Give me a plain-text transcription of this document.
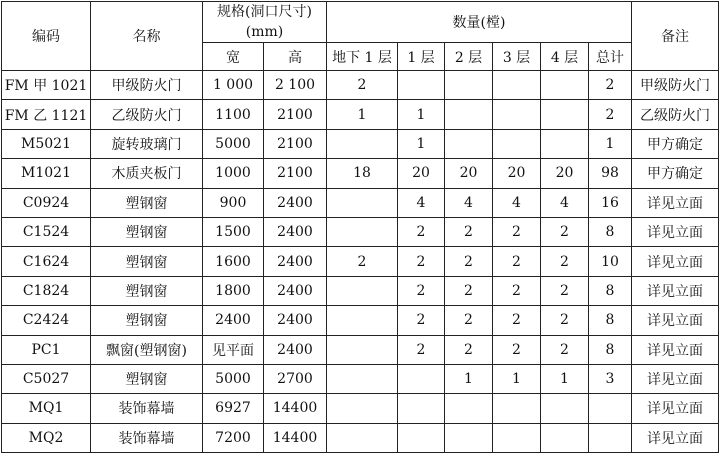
编码	名称	规格(洞口尺寸)
(mm)		数量(樘)						备注

		宽	高	地下 1 层	1 层	2 层	3 层	4 层	总计	
FM 甲 1021	甲级防火门	1 000	2 100	2					2	甲级防火门
FM 乙 1121	乙级防火门	1100	2100	1	1				2	乙级防火门
M5021	旋转玻璃门	5000	2100		1				1	甲方确定
M1021	木质夹板门	1000	2100	18	20	20	20	20	98	甲方确定
C0924	塑钢窗	900	2400		4	4	4	4	16	详见立面
C1524	塑钢窗	1500	2400		2	2	2	2	8	详见立面
C1624	塑钢窗	1600	2400	2	2	2	2	2	10	详见立面
C1824	塑钢窗	1800	2400		2	2	2	2	8	详见立面
C2424	塑钢窗	2400	2400		2	2	2	2	8	详见立面
PC1	飘窗(塑钢窗)	见平面	2400		2	2	2	2	8	详见立面
C5027	塑钢窗	5000	2700			1	1	1	3	详见立面
MQ1	装饰幕墙	6927	14400							详见立面
MQ2	装饰幕墙	7200	14400							详见立面
